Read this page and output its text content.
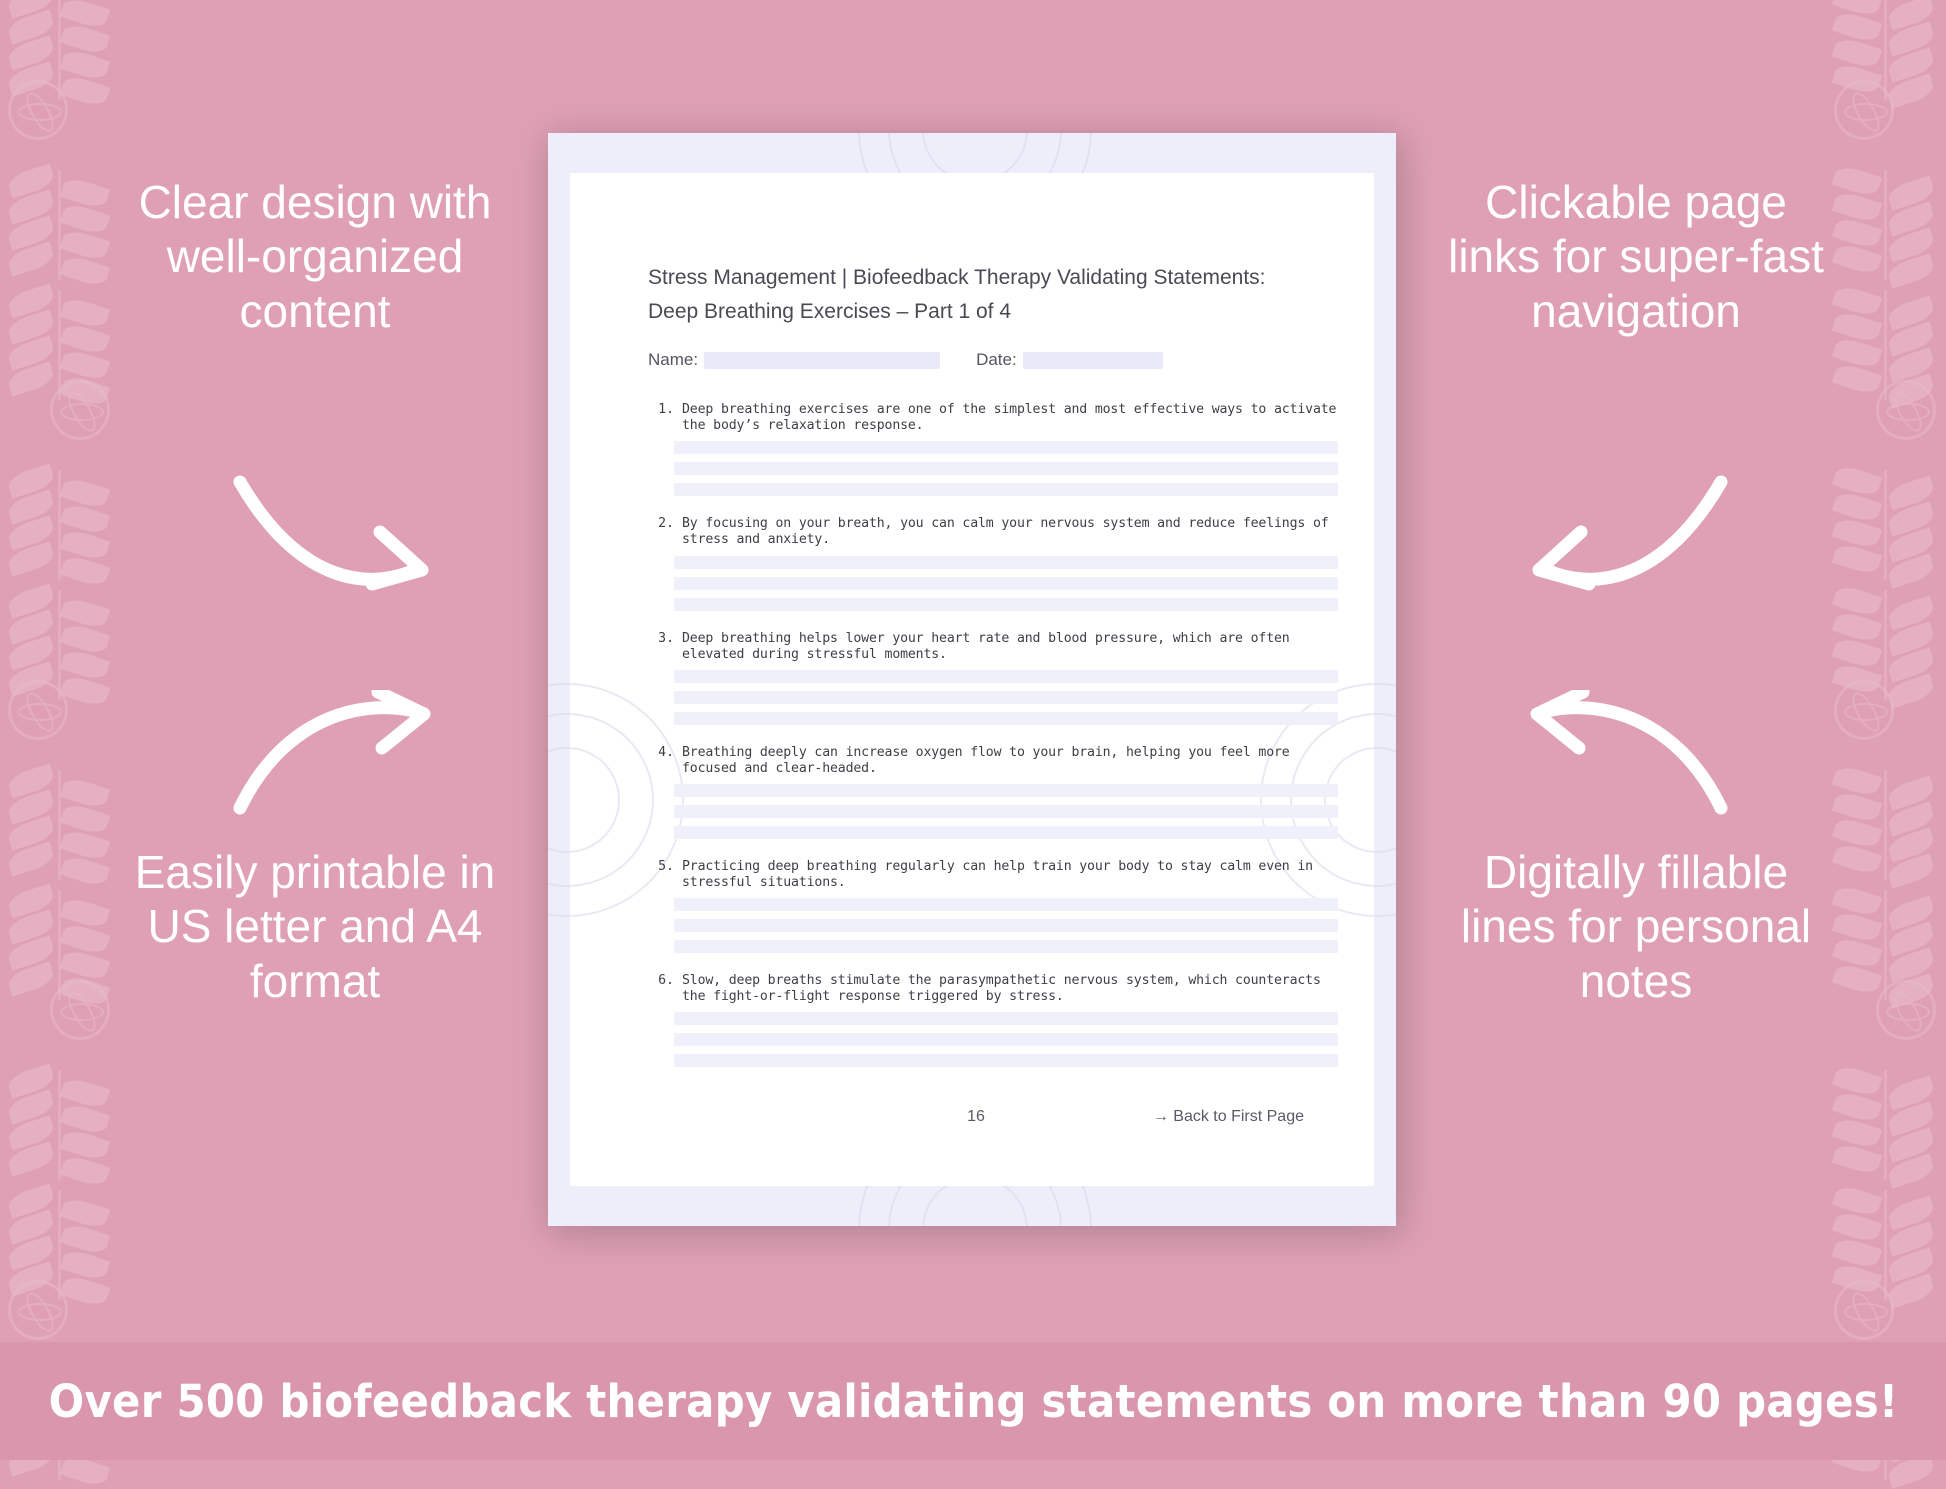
Clear design with well-organized content
Easily printable in US letter and A4 format
Clickable page links for super-fast navigation
Digitally fillable lines for personal notes
Stress Management | Biofeedback Therapy Validating Statements:
Deep Breathing Exercises – Part 1 of 4
Name:	Date:
1. Deep breathing exercises are one of the simplest and most effective ways to activate the body’s relaxation response.
2. By focusing on your breath, you can calm your nervous system and reduce feelings of stress and anxiety.
3. Deep breathing helps lower your heart rate and blood pressure, which are often elevated during stressful moments.
4. Breathing deeply can increase oxygen flow to your brain, helping you feel more focused and clear-headed.
5. Practicing deep breathing regularly can help train your body to stay calm even in stressful situations.
6. Slow, deep breaths stimulate the parasympathetic nervous system, which counteracts the fight-or-flight response triggered by stress.
16	→ Back to First Page
Over 500 biofeedback therapy validating statements on more than 90 pages!
